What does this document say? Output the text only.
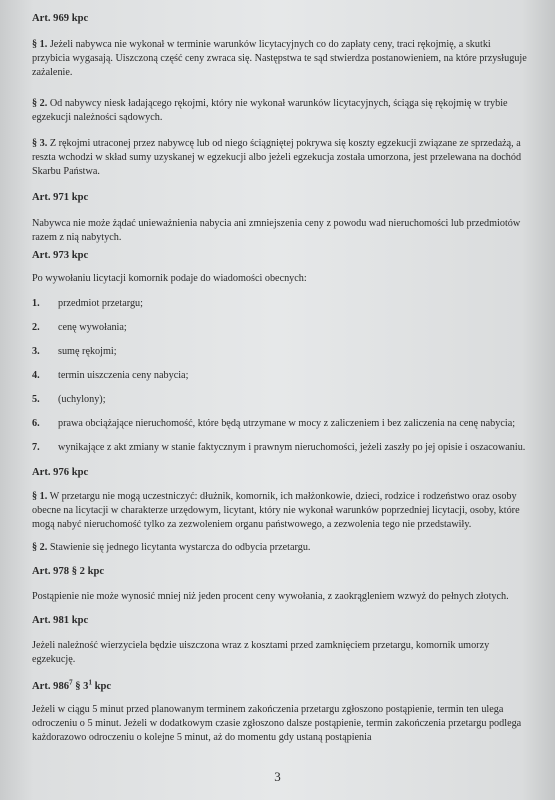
Art. 969 kpc

§ 1. Jeżeli nabywca nie wykonał w terminie warunków licytacyjnych co do zapłaty ceny, traci rękojmię, a skutki przybicia wygasają. Uiszczoną część ceny zwraca się. Następstwa te sąd stwierdza postanowieniem, na które przysługuje zażalenie.

§ 2. Od nabywcy niesk ładającego rękojmi, który nie wykonał warunków licytacyjnych, ściąga się rękojmię w trybie egzekucji należności sądowych.

§ 3. Z rękojmi utraconej przez nabywcę lub od niego ściągniętej pokrywa się koszty egzekucji związane ze sprzedażą, a reszta wchodzi w skład sumy uzyskanej w egzekucji albo jeżeli egzekucja została umorzona, jest przelewana na dochód Skarbu Państwa.

Art. 971 kpc

Nabywca nie może żądać unieważnienia nabycia ani zmniejszenia ceny z powodu wad nieruchomości lub przedmiotów razem z nią nabytych.

Art. 973 kpc

Po wywołaniu licytacji komornik podaje do wiadomości obecnych:

1. przedmiot przetargu;
2. cenę wywołania;
3. sumę rękojmi;
4. termin uiszczenia ceny nabycia;
5. (uchylony);
6. prawa obciążające nieruchomość, które będą utrzymane w mocy z zaliczeniem i bez zaliczenia na cenę nabycia;
7. wynikające z akt zmiany w stanie faktycznym i prawnym nieruchomości, jeżeli zaszły po jej opisie i oszacowaniu.

Art. 976 kpc

§ 1. W przetargu nie mogą uczestniczyć: dłużnik, komornik, ich małżonkowie, dzieci, rodzice i rodzeństwo oraz osoby obecne na licytacji w charakterze urzędowym, licytant, który nie wykonał warunków poprzedniej licytacji, osoby, które mogą nabyć nieruchomość tylko za zezwoleniem organu państwowego, a zezwolenia tego nie przedstawiły.

§ 2. Stawienie się jednego licytanta wystarcza do odbycia przetargu.

Art. 978 § 2 kpc

Postąpienie nie może wynosić mniej niż jeden procent ceny wywołania, z zaokrągleniem wzwyż do pełnych złotych.

Art. 981 kpc

Jeżeli należność wierzyciela będzie uiszczona wraz z kosztami przed zamknięciem przetargu, komornik umorzy egzekucję.

Art. $986^7$ § $3^1$ kpc

Jeżeli w ciągu 5 minut przed planowanym terminem zakończenia przetargu zgłoszono postąpienie, termin ten ulega odroczeniu o 5 minut. Jeżeli w dodatkowym czasie zgłoszono dalsze postąpienie, termin zakończenia przetargu podlega każdorazowo odroczeniu o kolejne 5 minut, aż do momentu gdy ustaną postąpienia

3
